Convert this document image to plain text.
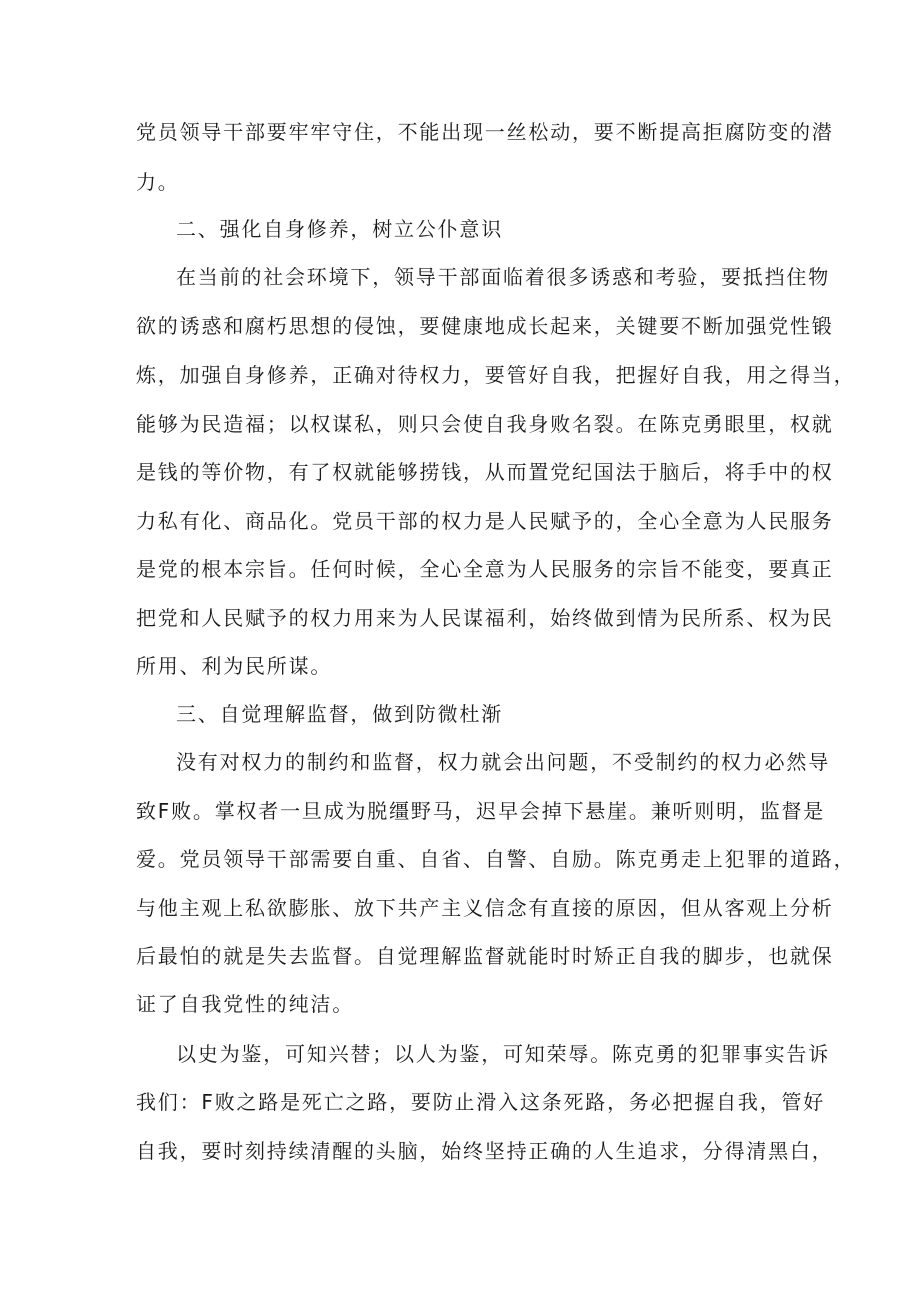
党员领导干部要牢牢守住，不能出现一丝松动，要不断提高拒腐防变的潜
力。
二、强化自身修养，树立公仆意识
在当前的社会环境下，领导干部面临着很多诱惑和考验，要抵挡住物
欲的诱惑和腐朽思想的侵蚀，要健康地成长起来，关键要不断加强党性锻
炼，加强自身修养，正确对待权力，要管好自我，把握好自我，用之得当，
能够为民造福；以权谋私，则只会使自我身败名裂。在陈克勇眼里，权就
是钱的等价物，有了权就能够捞钱，从而置党纪国法于脑后，将手中的权
力私有化、商品化。党员干部的权力是人民赋予的，全心全意为人民服务
是党的根本宗旨。任何时候，全心全意为人民服务的宗旨不能变，要真正
把党和人民赋予的权力用来为人民谋福利，始终做到情为民所系、权为民
所用、利为民所谋。
三、自觉理解监督，做到防微杜渐
没有对权力的制约和监督，权力就会出问题，不受制约的权力必然导
致F败。掌权者一旦成为脱缰野马，迟早会掉下悬崖。兼听则明，监督是
爱。党员领导干部需要自重、自省、自警、自励。陈克勇走上犯罪的道路，
与他主观上私欲膨胀、放下共产主义信念有直接的原因，但从客观上分析
后最怕的就是失去监督。自觉理解监督就能时时矫正自我的脚步，也就保
证了自我党性的纯洁。
以史为鉴，可知兴替；以人为鉴，可知荣辱。陈克勇的犯罪事实告诉
我们：F败之路是死亡之路，要防止滑入这条死路，务必把握自我，管好
自我，要时刻持续清醒的头脑，始终坚持正确的人生追求，分得清黑白，
